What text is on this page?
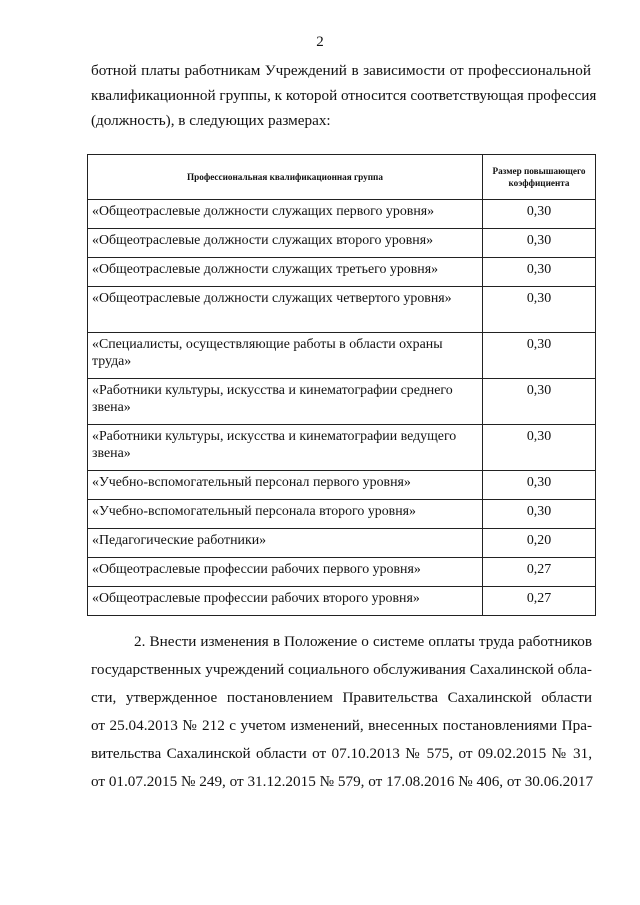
2
ботной платы работникам Учреждений в зависимости от профессиональной
квалификационной группы, к которой относится соответствующая профессия
(должность), в следующих размерах:
Профессиональная квалификационная группа	Размер повышающего коэффициента
«Общеотраслевые должности служащих первого уровня»	0,30
«Общеотраслевые должности служащих второго уровня»	0,30
«Общеотраслевые должности служащих третьего уровня»	0,30
«Общеотраслевые должности служащих четвертого уровня»	0,30
«Специалисты, осуществляющие работы в области охраны труда»	0,30
«Работники культуры, искусства и кинематографии среднего звена»	0,30
«Работники культуры, искусства и кинематографии ведущего звена»	0,30
«Учебно-вспомогательный персонал первого уровня»	0,30
«Учебно-вспомогательный персонала второго уровня»	0,30
«Педагогические работники»	0,20
«Общеотраслевые профессии рабочих первого уровня»	0,27
«Общеотраслевые профессии рабочих второго уровня»	0,27
2. Внести изменения в Положение о системе оплаты труда работников
государственных учреждений социального обслуживания Сахалинской обла-
сти, утвержденное постановлением Правительства Сахалинской области
от 25.04.2013 № 212 с учетом изменений, внесенных постановлениями Пра-
вительства Сахалинской области от 07.10.2013 № 575, от 09.02.2015 № 31,
от 01.07.2015 № 249, от 31.12.2015 № 579, от 17.08.2016 № 406, от 30.06.2017
